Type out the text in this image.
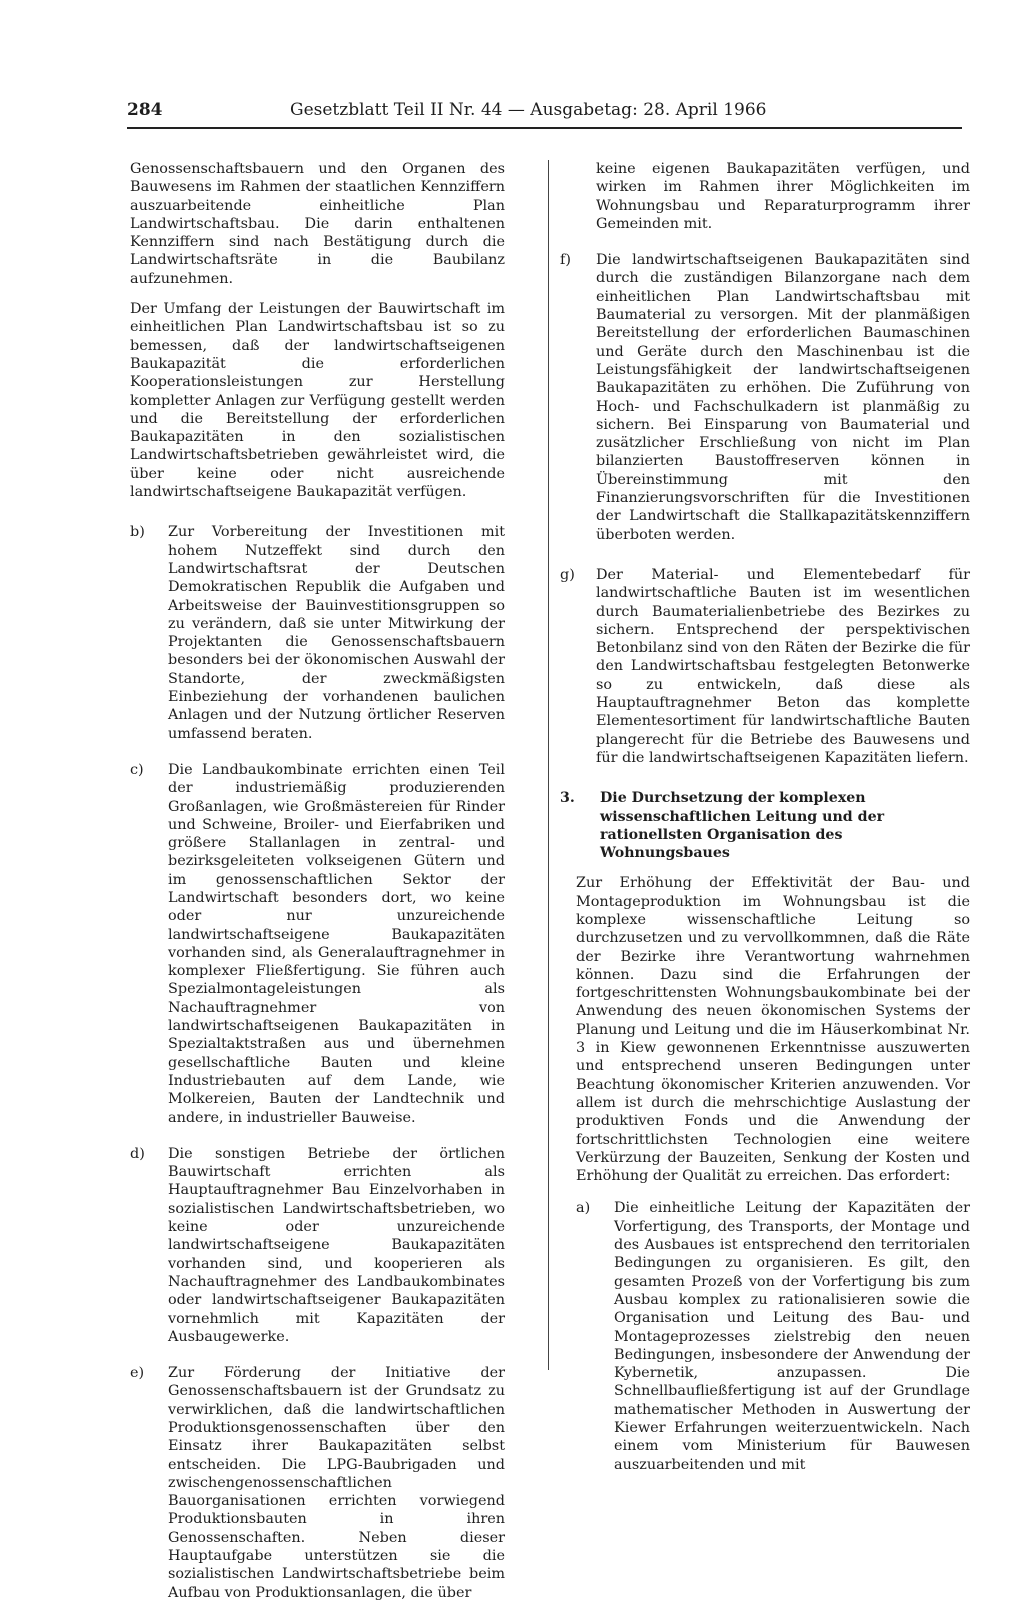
284	Gesetzblatt Teil II Nr. 44 — Ausgabetag: 28. April 1966

Genossenschaftsbauern und den Organen des Bauwesens im Rahmen der staatlichen Kennziffern auszuarbeitende einheitliche Plan Landwirtschaftsbau. Die darin enthaltenen Kennziffern sind nach Bestätigung durch die Landwirtschaftsräte in die Baubilanz aufzunehmen.

Der Umfang der Leistungen der Bauwirtschaft im einheitlichen Plan Landwirtschaftsbau ist so zu bemessen, daß der landwirtschaftseigenen Baukapazität die erforderlichen Kooperationsleistungen zur Herstellung kompletter Anlagen zur Verfügung gestellt werden und die Bereitstellung der erforderlichen Baukapazitäten in den sozialistischen Landwirtschaftsbetrieben gewährleistet wird, die über keine oder nicht ausreichende landwirtschaftseigene Baukapazität verfügen.

b)	Zur Vorbereitung der Investitionen mit hohem Nutzeffekt sind durch den Landwirtschaftsrat der Deutschen Demokratischen Republik die Aufgaben und Arbeitsweise der Bauinvestitionsgruppen so zu verändern, daß sie unter Mitwirkung der Projektanten die Genossenschaftsbauern besonders bei der ökonomischen Auswahl der Standorte, der zweckmäßigsten Einbeziehung der vorhandenen baulichen Anlagen und der Nutzung örtlicher Reserven umfassend beraten.

c)	Die Landbaukombinate errichten einen Teil der industriemäßig produzierenden Großanlagen, wie Großmästereien für Rinder und Schweine, Broiler- und Eierfabriken und größere Stallanlagen in zentral- und bezirksgeleiteten volkseigenen Gütern und im genossenschaftlichen Sektor der Landwirtschaft besonders dort, wo keine oder nur unzureichende landwirtschaftseigene Baukapazitäten vorhanden sind, als Generalauftragnehmer in komplexer Fließfertigung. Sie führen auch Spezialmontageleistungen als Nachauftragnehmer von landwirtschaftseigenen Baukapazitäten in Spezialtaktstraßen aus und übernehmen gesellschaftliche Bauten und kleine Industriebauten auf dem Lande, wie Molkereien, Bauten der Landtechnik und andere, in industrieller Bauweise.

d)	Die sonstigen Betriebe der örtlichen Bauwirtschaft errichten als Hauptauftragnehmer Bau Einzelvorhaben in sozialistischen Landwirtschaftsbetrieben, wo keine oder unzureichende landwirtschaftseigene Baukapazitäten vorhanden sind, und kooperieren als Nachauftragnehmer des Landbaukombinates oder landwirtschaftseigener Baukapazitäten vornehmlich mit Kapazitäten der Ausbaugewerke.

e)	Zur Förderung der Initiative der Genossenschaftsbauern ist der Grundsatz zu verwirklichen, daß die landwirtschaftlichen Produktionsgenossenschaften über den Einsatz ihrer Baukapazitäten selbst entscheiden. Die LPG-Baubrigaden und zwischengenossenschaftlichen Bauorganisationen errichten vorwiegend Produktionsbauten in ihren Genossenschaften. Neben dieser Hauptaufgabe unterstützen sie die sozialistischen Landwirtschaftsbetriebe beim Aufbau von Produktionsanlagen, die über

keine eigenen Baukapazitäten verfügen, und wirken im Rahmen ihrer Möglichkeiten im Wohnungsbau und Reparaturprogramm ihrer Gemeinden mit.

f)	Die landwirtschaftseigenen Baukapazitäten sind durch die zuständigen Bilanzorgane nach dem einheitlichen Plan Landwirtschaftsbau mit Baumaterial zu versorgen. Mit der planmäßigen Bereitstellung der erforderlichen Baumaschinen und Geräte durch den Maschinenbau ist die Leistungsfähigkeit der landwirtschaftseigenen Baukapazitäten zu erhöhen. Die Zuführung von Hoch- und Fachschulkadern ist planmäßig zu sichern. Bei Einsparung von Baumaterial und zusätzlicher Erschließung von nicht im Plan bilanzierten Baustoffreserven können in Übereinstimmung mit den Finanzierungsvorschriften für die Investitionen der Landwirtschaft die Stallkapazitätskennziffern überboten werden.

g)	Der Material- und Elementebedarf für landwirtschaftliche Bauten ist im wesentlichen durch Baumaterialienbetriebe des Bezirkes zu sichern. Entsprechend der perspektivischen Betonbilanz sind von den Räten der Bezirke die für den Landwirtschaftsbau festgelegten Betonwerke so zu entwickeln, daß diese als Hauptauftragnehmer Beton das komplette Elementesortiment für landwirtschaftliche Bauten plangerecht für die Betriebe des Bauwesens und für die landwirtschaftseigenen Kapazitäten liefern.

3. Die Durchsetzung der komplexen wissenschaftlichen Leitung und der rationellsten Organisation des Wohnungsbaues

Zur Erhöhung der Effektivität der Bau- und Montageproduktion im Wohnungsbau ist die komplexe wissenschaftliche Leitung so durchzusetzen und zu vervollkommnen, daß die Räte der Bezirke ihre Verantwortung wahrnehmen können. Dazu sind die Erfahrungen der fortgeschrittensten Wohnungsbaukombinate bei der Anwendung des neuen ökonomischen Systems der Planung und Leitung und die im Häuserkombinat Nr. 3 in Kiew gewonnenen Erkenntnisse auszuwerten und entsprechend unseren Bedingungen unter Beachtung ökonomischer Kriterien anzuwenden. Vor allem ist durch die mehrschichtige Auslastung der produktiven Fonds und die Anwendung der fortschrittlichsten Technologien eine weitere Verkürzung der Bauzeiten, Senkung der Kosten und Erhöhung der Qualität zu erreichen. Das erfordert:

a) Die einheitliche Leitung der Kapazitäten der Vorfertigung, des Transports, der Montage und des Ausbaues ist entsprechend den territorialen Bedingungen zu organisieren. Es gilt, den gesamten Prozeß von der Vorfertigung bis zum Ausbau komplex zu rationalisieren sowie die Organisation und Leitung des Bau- und Montageprozesses zielstrebig den neuen Bedingungen, insbesondere der Anwendung der Kybernetik, anzupassen. Die Schnellbaufließfertigung ist auf der Grundlage mathematischer Methoden in Auswertung der Kiewer Erfahrungen weiterzuentwickeln. Nach einem vom Ministerium für Bauwesen auszuarbeitenden und mit
